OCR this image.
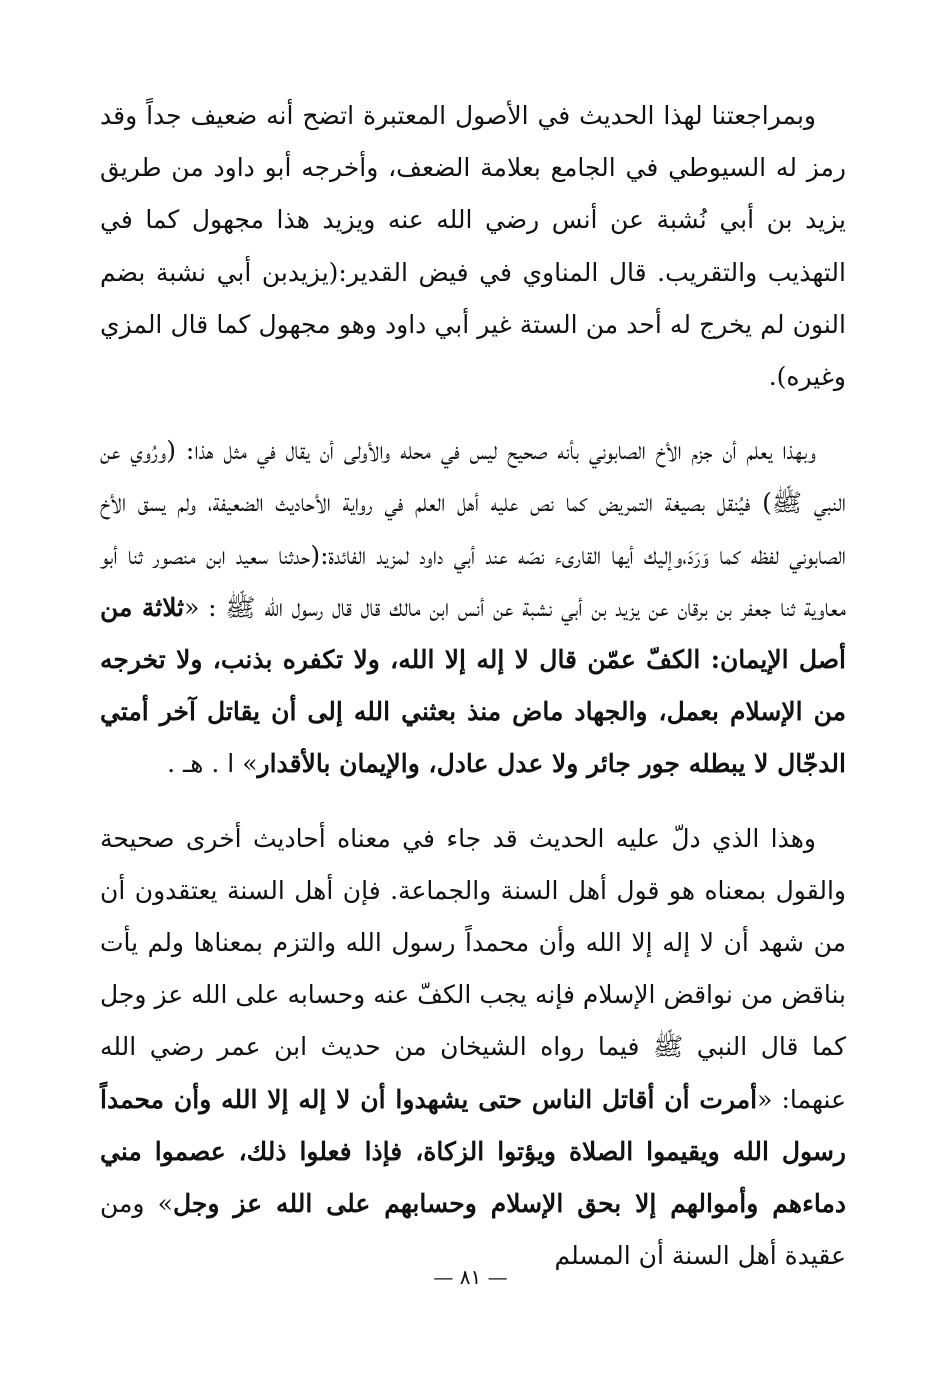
وبمراجعتنا لهذا الحديث في الأصول المعتبرة اتضح أنه ضعيف جداً وقد رمز له السيوطي في الجامع بعلامة الضعف، وأخرجه أبو داود من طريق يزيد بن أبي نُشبة عن أنس رضي الله عنه ويزيد هذا مجهول كما في التهذيب والتقريب. قال المناوي في فيض القدير:(يزيدبن أبي نشبة بضم النون لم يخرج له أحد من الستة غير أبي داود وهو مجهول كما قال المزي وغيره).

وبهذا يعلم أن جزم الأخ الصابوني بأنه صحيح ليس في محله والأولى أن يقال في مثل هذا: (ورُوي عن النبي ﷺ) فيُنقل بصيغة التمريض كما نص عليه أهل العلم في رواية الأحاديث الضعيفة، ولم يسق الأخ الصابوني لفظه كما وَرَدَ،وإليك أيها القارىء نصّه عند أبي داود لمزيد الفائدة:(حدثنا سعيد ابن منصور ثنا أبو معاوية ثنا جعفر بن برقان عن يزيد بن أبي نشبة عن أنس ابن مالك قال قال رسول الله ﷺ : «ثلاثة من أصل الإيمان: الكفّ عمّن قال لا إله إلا الله، ولا تكفره بذنب، ولا تخرجه من الإسلام بعمل، والجهاد ماض منذ بعثني الله إلى أن يقاتل آخر أمتي الدجّال لا يبطله جور جائر ولا عدل عادل، والإيمان بالأقدار» ا . هـ .

وهذا الذي دلّ عليه الحديث قد جاء في معناه أحاديث أخرى صحيحة والقول بمعناه هو قول أهل السنة والجماعة. فإن أهل السنة يعتقدون أن من شهد أن لا إله إلا الله وأن محمداً رسول الله والتزم بمعناها ولم يأت بناقض من نواقض الإسلام فإنه يجب الكفّ عنه وحسابه على الله عز وجل كما قال النبي ﷺ فيما رواه الشيخان من حديث ابن عمر رضي الله عنهما: «أمرت أن أقاتل الناس حتى يشهدوا أن لا إله إلا الله وأن محمداً رسول الله ويقيموا الصلاة ويؤتوا الزكاة، فإذا فعلوا ذلك، عصموا مني دماءهم وأموالهم إلا بحق الإسلام وحسابهم على الله عز وجل» ومن عقيدة أهل السنة أن المسلم

— ٨١ —
